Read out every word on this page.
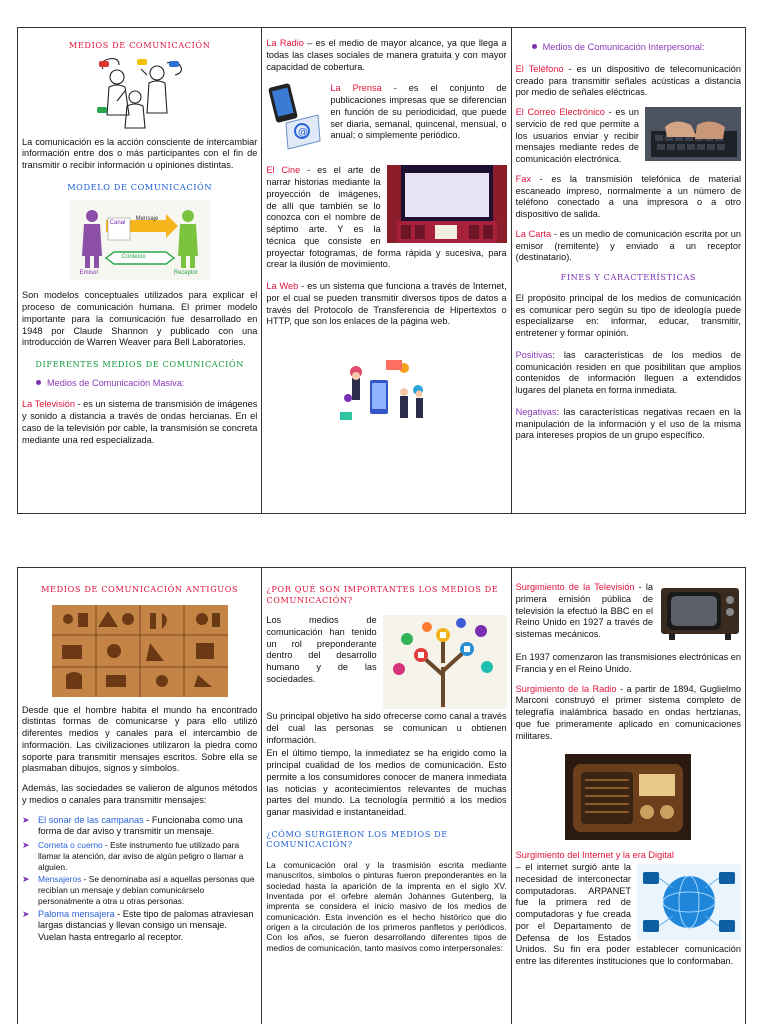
MEDIOS DE COMUNICACIÓN

La comunicación es la acción consciente de intercambiar información entre dos o más participantes con el fin de transmitir o recibir información u opiniones distintas.

MODELO DE COMUNICACIÓN
Canal
Mensaje
Contexto
Emisor	Receptor

Son modelos conceptuales utilizados para explicar el proceso de comunicación humana. El primer modelo importante para la comunicación fue desarrollado en 1948 por Claude Shannon y publicado con una introducción de Warren Weaver para Bell Laboratories.

DIFERENTES MEDIOS DE COMUNICACIÓN
Medios de Comunicación Masiva:

La Televisión - es un sistema de transmisión de imágenes y sonido a distancia a través de ondas hercianas. En el caso de la televisión por cable, la transmisión se concreta mediante una red especializada.

La Radio – es el medio de mayor alcance, ya que llega a todas las clases sociales de manera gratuita y con mayor capacidad de cobertura.

@

La Prensa - es el conjunto de publicaciones impresas que se diferencian en función de su periodicidad, que puede ser diaria, semanal, quincenal, mensual, o anual; o simplemente periódico.

El Cine - es el arte de narrar historias mediante la proyección de imágenes, de allí que también se lo conozca con el nombre de séptimo arte. Y es la técnica que consiste en proyectar fotogramas, de forma rápida y sucesiva, para crear la ilusión de movimiento.

La Web - es un sistema que funciona a través de Internet, por el cual se pueden transmitir diversos tipos de datos a través del Protocolo de Transferencia de Hipertextos o HTTP, que son los enlaces de la página web.

Medios de Comunicación Interpersonal:

El Teléfono - es un dispositivo de telecomunicación creado para transmitir señales acústicas a distancia por medio de señales eléctricas.

El Correo Electrónico - es un servicio de red que permite a los usuarios enviar y recibir mensajes mediante redes de comunicación electrónica.

Fax - es la transmisión telefónica de material escaneado impreso, normalmente a un número de teléfono conectado a una impresora o a otro dispositivo de salida.

La Carta - es un medio de comunicación escrita por un emisor (remitente) y enviado a un receptor (destinatario).

FINES Y CARACTERÍSTICAS

El propósito principal de los medios de comunicación es comunicar pero según su tipo de ideología puede especializarse en: informar, educar, transmitir, entretener y formar opinión.

Positivas: las características de los medios de comunicación residen en que posibilitan que amplios contenidos de información lleguen a extendidos lugares del planeta en forma inmediata.

Negativas: las características negativas recaen en la manipulación de la información y el uso de la misma para intereses propios de un grupo específico.

MEDIOS DE COMUNICACIÓN ANTIGUOS

Desde que el hombre habita el mundo ha encontrado distintas formas de comunicarse y para ello utilizó diferentes medios y canales para el intercambio de información. Las civilizaciones utilizaron la piedra como soporte para transmitir mensajes escritos. Sobre ella se plasmaban dibujos, signos y símbolos.

Además, las sociedades se valieron de algunos métodos y medios o canales para transmitir mensajes:

➤ El sonar de las campanas - Funcionaba como una forma de dar aviso y transmitir un mensaje.
➤ Corneta o cuerno - Este instrumento fue utilizado para llamar la atención, dar aviso de algún peligro o llamar a alguien.
➤ Mensajeros - Se denominaba así a aquellas personas que recibían un mensaje y debían comunicárselo personalmente a otra u otras personas.
➤ Paloma mensajera - Este tipo de palomas atraviesan largas distancias y llevan consigo un mensaje. Vuelan hasta entregarlo al receptor.
¿POR QUÉ SON IMPORTANTES LOS MEDIOS DE COMUNICACIÓN?

Los medios de comunicación han tenido un rol preponderante dentro del desarrollo humano y de las sociedades.

Su principal objetivo ha sido ofrecerse como canal a través del cual las personas se comunican u obtienen información.

En el último tiempo, la inmediatez se ha erigido como la principal cualidad de los medios de comunicación. Esto permite a los consumidores conocer de manera inmediata las noticias y acontecimientos relevantes de muchas partes del mundo. La tecnología permitió a los medios ganar masividad e instantaneidad.

¿CÓMO SURGIERON LOS MEDIOS DE COMUNICACIÓN?

La comunicación oral y la trasmisión escrita mediante manuscritos, símbolos o pinturas fueron preponderantes en la sociedad hasta la aparición de la imprenta en el siglo XV. Inventada por el orfebre alemán Johannes Gutenberg, la imprenta se considera el inicio masivo de los medios de comunicación. Esta invención es el hecho histórico que dio origen a la circulación de los primeros panfletos y periódicos. Con los años, se fueron desarrollando diferentes tipos de medios de comunicación, tanto masivos como interpersonales:

Surgimiento de la Televisión - la primera emisión pública de televisión la efectuó la BBC en el Reino Unido en 1927 a través de sistemas mecánicos.

En 1937 comenzaron las transmisiones electrónicas en Francia y en el Reino Unido.

Surgimiento de la Radio - a partir de 1894, Guglielmo Marconi construyó el primer sistema completo de telegrafía inalámbrica basado en ondas hertzianas, que fue primeramente aplicado en comunicaciones militares.

Surgimiento del Internet y la era Digital

– el internet surgió ante la necesidad de interconectar computadoras. ARPANET fue la primera red de computadoras y fue creada por el Departamento de Defensa de los Estados Unidos. Su fin era poder establecer comunicación entre las diferentes instituciones que lo conformaban.
